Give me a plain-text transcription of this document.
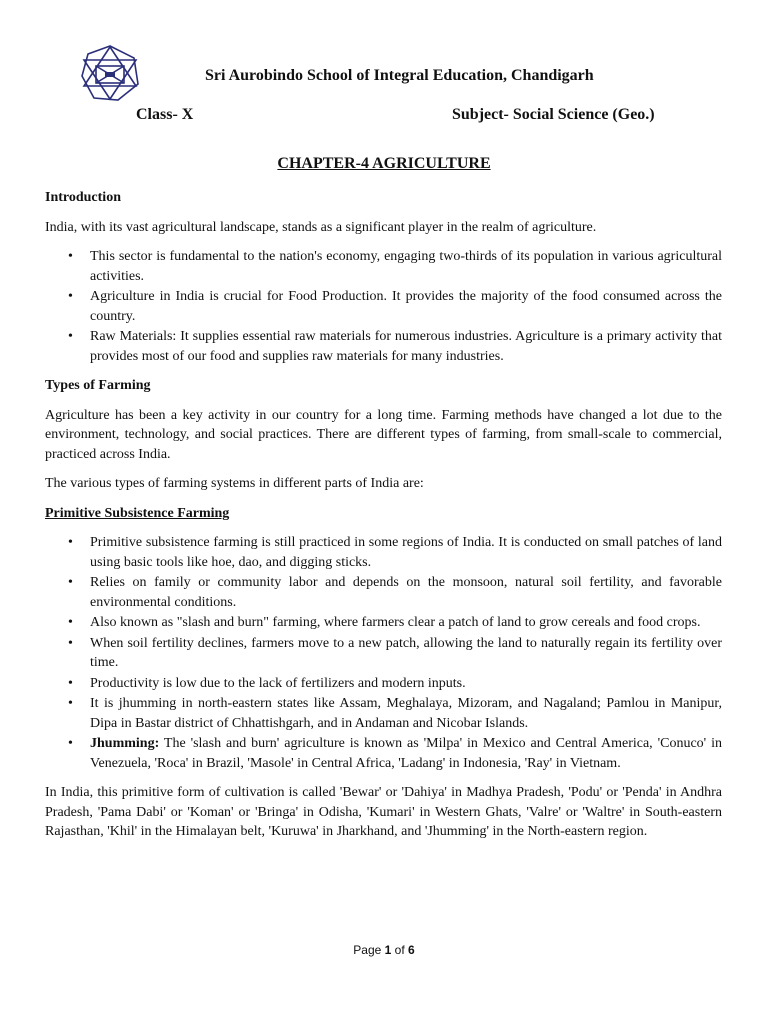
Sri Aurobindo School of Integral Education, Chandigarh
Class- X	Subject- Social Science (Geo.)
CHAPTER-4 AGRICULTURE
Introduction

India, with its vast agricultural landscape, stands as a significant player in the realm of agriculture.

• This sector is fundamental to the nation's economy, engaging two-thirds of its population in various agricultural activities.
• Agriculture in India is crucial for Food Production. It provides the majority of the food consumed across the country.
• Raw Materials: It supplies essential raw materials for numerous industries. Agriculture is a primary activity that provides most of our food and supplies raw materials for many industries.
Types of Farming

Agriculture has been a key activity in our country for a long time. Farming methods have changed a lot due to the environment, technology, and social practices. There are different types of farming, from small-scale to commercial, practiced across India.

The various types of farming systems in different parts of India are:

Primitive Subsistence Farming
• Primitive subsistence farming is still practiced in some regions of India. It is conducted on small patches of land using basic tools like hoe, dao, and digging sticks.
• Relies on family or community labor and depends on the monsoon, natural soil fertility, and favorable environmental conditions.
• Also known as "slash and burn" farming, where farmers clear a patch of land to grow cereals and food crops.
• When soil fertility declines, farmers move to a new patch, allowing the land to naturally regain its fertility over time.
• Productivity is low due to the lack of fertilizers and modern inputs.
• It is jhumming in north-eastern states like Assam, Meghalaya, Mizoram, and Nagaland; Pamlou in Manipur, Dipa in Bastar district of Chhattishgarh, and in Andaman and Nicobar Islands.
• Jhumming: The 'slash and burn' agriculture is known as 'Milpa' in Mexico and Central America, 'Conuco' in Venezuela, 'Roca' in Brazil, 'Masole' in Central Africa, 'Ladang' in Indonesia, 'Ray' in Vietnam.

In India, this primitive form of cultivation is called 'Bewar' or 'Dahiya' in Madhya Pradesh, 'Podu' or 'Penda' in Andhra Pradesh, 'Pama Dabi' or 'Koman' or 'Bringa' in Odisha, 'Kumari' in Western Ghats, 'Valre' or 'Waltre' in South-eastern Rajasthan, 'Khil' in the Himalayan belt, 'Kuruwa' in Jharkhand, and 'Jhumming' in the North-eastern region.

Page 1 of 6
